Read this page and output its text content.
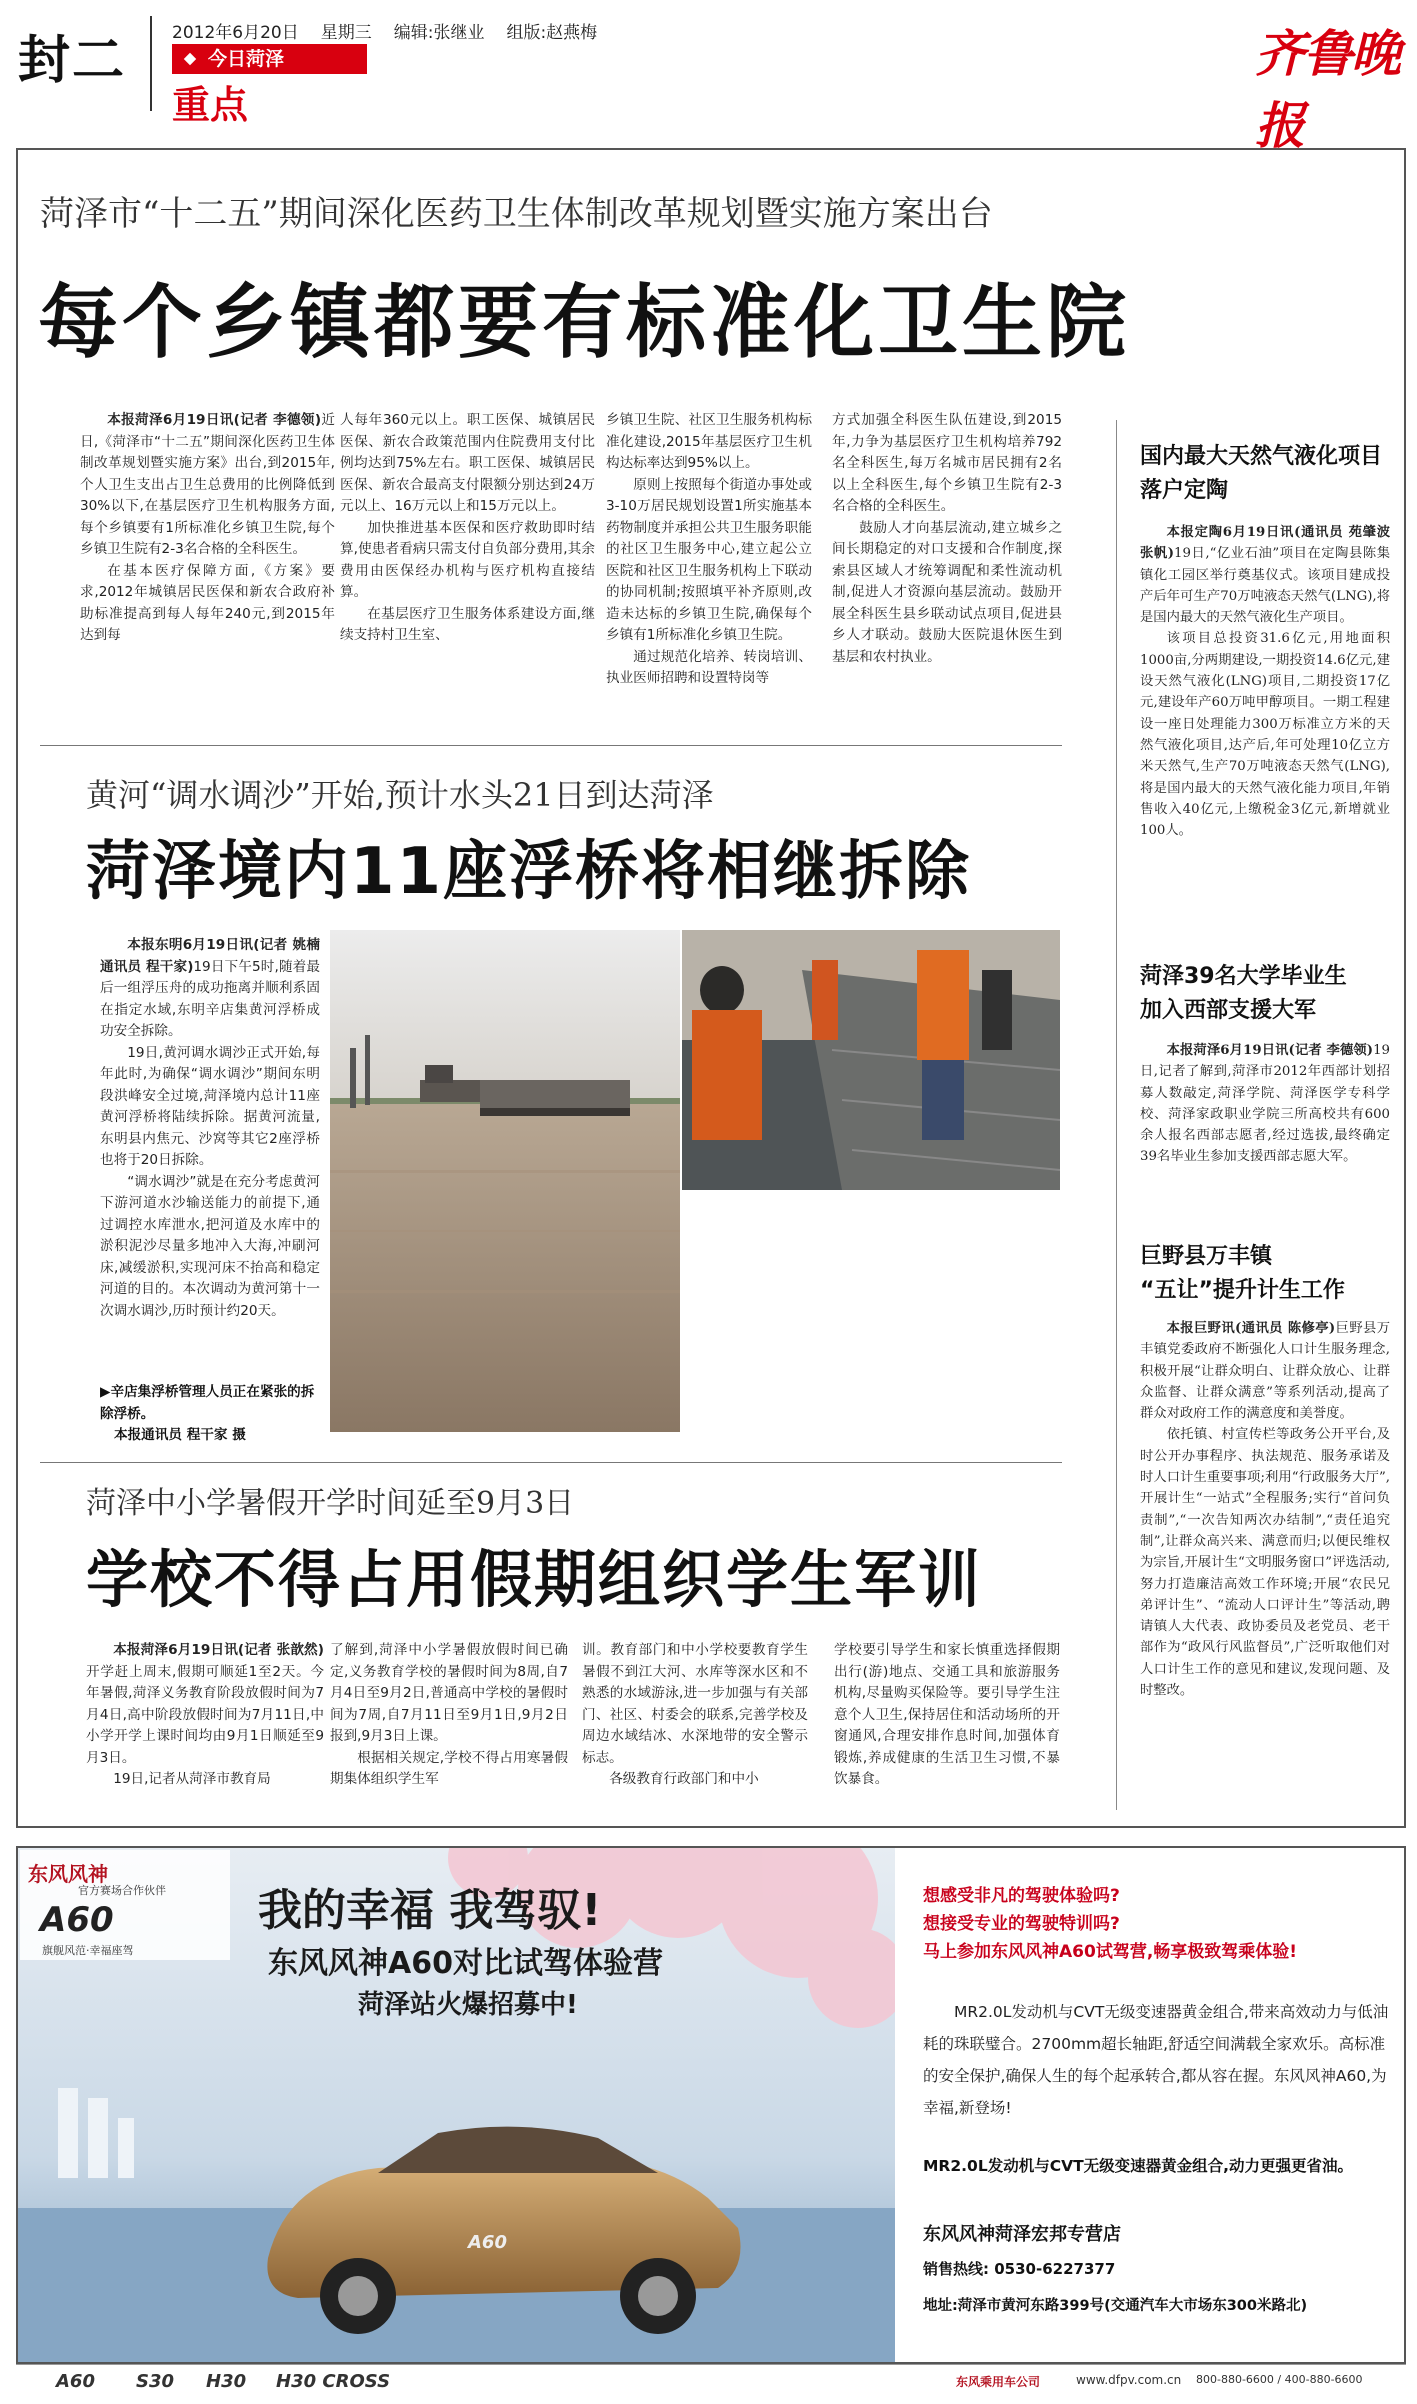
封二	2012年6月20日 星期三 编辑:张继业 组版:赵燕梅
今日菏泽
重点
齐鲁晚报
菏泽市“十二五”期间深化医药卫生体制改革规划暨实施方案出台
每个乡镇都要有标准化卫生院

本报菏泽6月19日讯(记者 李德领)近日,《菏泽市“十二五”期间深化医药卫生体制改革规划暨实施方案》出台,到2015年,个人卫生支出占卫生总费用的比例降低到30%以下,在基层医疗卫生机构服务方面,每个乡镇要有1所标准化乡镇卫生院,每个乡镇卫生院有2-3名合格的全科医生。

在基本医疗保障方面,《方案》要求,2012年城镇居民医保和新农合政府补助标准提高到每人每年240元,到2015年达到每

人每年360元以上。职工医保、城镇居民医保、新农合政策范围内住院费用支付比例均达到75%左右。职工医保、城镇居民医保、新农合最高支付限额分别达到24万元以上、16万元以上和15万元以上。

加快推进基本医保和医疗救助即时结算,使患者看病只需支付自负部分费用,其余费用由医保经办机构与医疗机构直接结算。

在基层医疗卫生服务体系建设方面,继续支持村卫生室、

乡镇卫生院、社区卫生服务机构标准化建设,2015年基层医疗卫生机构达标率达到95%以上。

原则上按照每个街道办事处或3-10万居民规划设置1所实施基本药物制度并承担公共卫生服务职能的社区卫生服务中心,建立起公立医院和社区卫生服务机构上下联动的协同机制;按照填平补齐原则,改造未达标的乡镇卫生院,确保每个乡镇有1所标准化乡镇卫生院。

通过规范化培养、转岗培训、执业医师招聘和设置特岗等

方式加强全科医生队伍建设,到2015年,力争为基层医疗卫生机构培养792名全科医生,每万名城市居民拥有2名以上全科医生,每个乡镇卫生院有2-3名合格的全科医生。

鼓励人才向基层流动,建立城乡之间长期稳定的对口支援和合作制度,探索县区域人才统筹调配和柔性流动机制,促进人才资源向基层流动。鼓励开展全科医生县乡联动试点项目,促进县乡人才联动。鼓励大医院退休医生到基层和农村执业。

黄河“调水调沙”开始,预计水头21日到达菏泽
菏泽境内11座浮桥将相继拆除

本报东明6月19日讯(记者 姚楠 通讯员 程干家)19日下午5时,随着最后一组浮压舟的成功拖离并顺利系固在指定水域,东明辛店集黄河浮桥成功安全拆除。

19日,黄河调水调沙正式开始,每年此时,为确保“调水调沙”期间东明段洪峰安全过境,菏泽境内总计11座黄河浮桥将陆续拆除。据黄河流量,东明县内焦元、沙窝等其它2座浮桥也将于20日拆除。

“调水调沙”就是在充分考虑黄河下游河道水沙输送能力的前提下,通过调控水库泄水,把河道及水库中的淤积泥沙尽量多地冲入大海,冲刷河床,减缓淤积,实现河床不抬高和稳定河道的目的。本次调动为黄河第十一次调水调沙,历时预计约20天。

▶辛店集浮桥管理人员正在紧张的拆除浮桥。
本报通讯员 程干家 摄
菏泽中小学暑假开学时间延至9月3日
学校不得占用假期组织学生军训

本报菏泽6月19日讯(记者 张歆然)开学赶上周末,假期可顺延1至2天。今年暑假,菏泽义务教育阶段放假时间为7月4日,高中阶段放假时间为7月11日,中小学开学上课时间均由9月1日顺延至9月3日。

19日,记者从菏泽市教育局

了解到,菏泽中小学暑假放假时间已确定,义务教育学校的暑假时间为8周,自7月4日至9月2日,普通高中学校的暑假时间为7周,自7月11日至9月1日,9月2日报到,9月3日上课。

根据相关规定,学校不得占用寒暑假期集体组织学生军

训。教育部门和中小学校要教育学生暑假不到江大河、水库等深水区和不熟悉的水域游泳,进一步加强与有关部门、社区、村委会的联系,完善学校及周边水域结冰、水深地带的安全警示标志。

各级教育行政部门和中小

学校要引导学生和家长慎重选择假期出行(游)地点、交通工具和旅游服务机构,尽量购买保险等。要引导学生注意个人卫生,保持居住和活动场所的开窗通风,合理安排作息时间,加强体育锻炼,养成健康的生活卫生习惯,不暴饮暴食。

国内最大天然气液化项目
落户定陶

本报定陶6月19日讯(通讯员 苑肇波 张帆)19日,“亿业石油”项目在定陶县陈集镇化工园区举行奠基仪式。该项目建成投产后年可生产70万吨液态天然气(LNG),将是国内最大的天然气液化生产项目。

该项目总投资31.6亿元,用地面积1000亩,分两期建设,一期投资14.6亿元,建设天然气液化(LNG)项目,二期投资17亿元,建设年产60万吨甲醇项目。一期工程建设一座日处理能力300万标准立方米的天然气液化项目,达产后,年可处理10亿立方米天然气,生产70万吨液态天然气(LNG),将是国内最大的天然气液化能力项目,年销售收入40亿元,上缴税金3亿元,新增就业100人。

菏泽39名大学毕业生
加入西部支援大军

本报菏泽6月19日讯(记者 李德领)19日,记者了解到,菏泽市2012年西部计划招募人数敲定,菏泽学院、菏泽医学专科学校、菏泽家政职业学院三所高校共有600余人报名西部志愿者,经过选拔,最终确定39名毕业生参加支援西部志愿大军。

巨野县万丰镇
“五让”提升计生工作

本报巨野讯(通讯员 陈修亭)巨野县万丰镇党委政府不断强化人口计生服务理念,积极开展“让群众明白、让群众放心、让群众监督、让群众满意”等系列活动,提高了群众对政府工作的满意度和美誉度。

依托镇、村宣传栏等政务公开平台,及时公开办事程序、执法规范、服务承诺及时人口计生重要事项;利用“行政服务大厅”,开展计生“一站式”全程服务;实行“首问负责制”,“一次告知两次办结制”,“责任追究制”,让群众高兴来、满意而归;以便民维权为宗旨,开展计生“文明服务窗口”评选活动,努力打造廉洁高效工作环境;开展“农民兄弟评计生”、“流动人口评计生”等活动,聘请镇人大代表、政协委员及老党员、老干部作为“政风行风监督员”,广泛听取他们对人口计生工作的意见和建议,发现问题、及时整改。

东风风神
官方赛场合作伙伴
A60
旗舰风范·幸福座驾
我的幸福 我驾驭!
东风风神A60对比试驾体验营
菏泽站火爆招募中!
A60
想感受非凡的驾驶体验吗?
想接受专业的驾驶特训吗?
马上参加东风风神A60试驾营,畅享极致驾乘体验!
MR2.0L发动机与CVT无级变速器黄金组合,带来高效动力与低油耗的珠联璧合。2700mm超长轴距,舒适空间满载全家欢乐。高标准的安全保护,确保人生的每个起承转合,都从容在握。东风风神A60,为幸福,新登场!
MR2.0L发动机与CVT无级变速器黄金组合,动力更强更省油。
东风风神菏泽宏邦专营店
销售热线: 0530-6227377
地址:菏泽市黄河东路399号(交通汽车大市场东300米路北)
A60 S30 H30 H30 CROSS	东风乘用车公司	www.dfpv.com.cn 800-880-6600 / 400-880-6600
